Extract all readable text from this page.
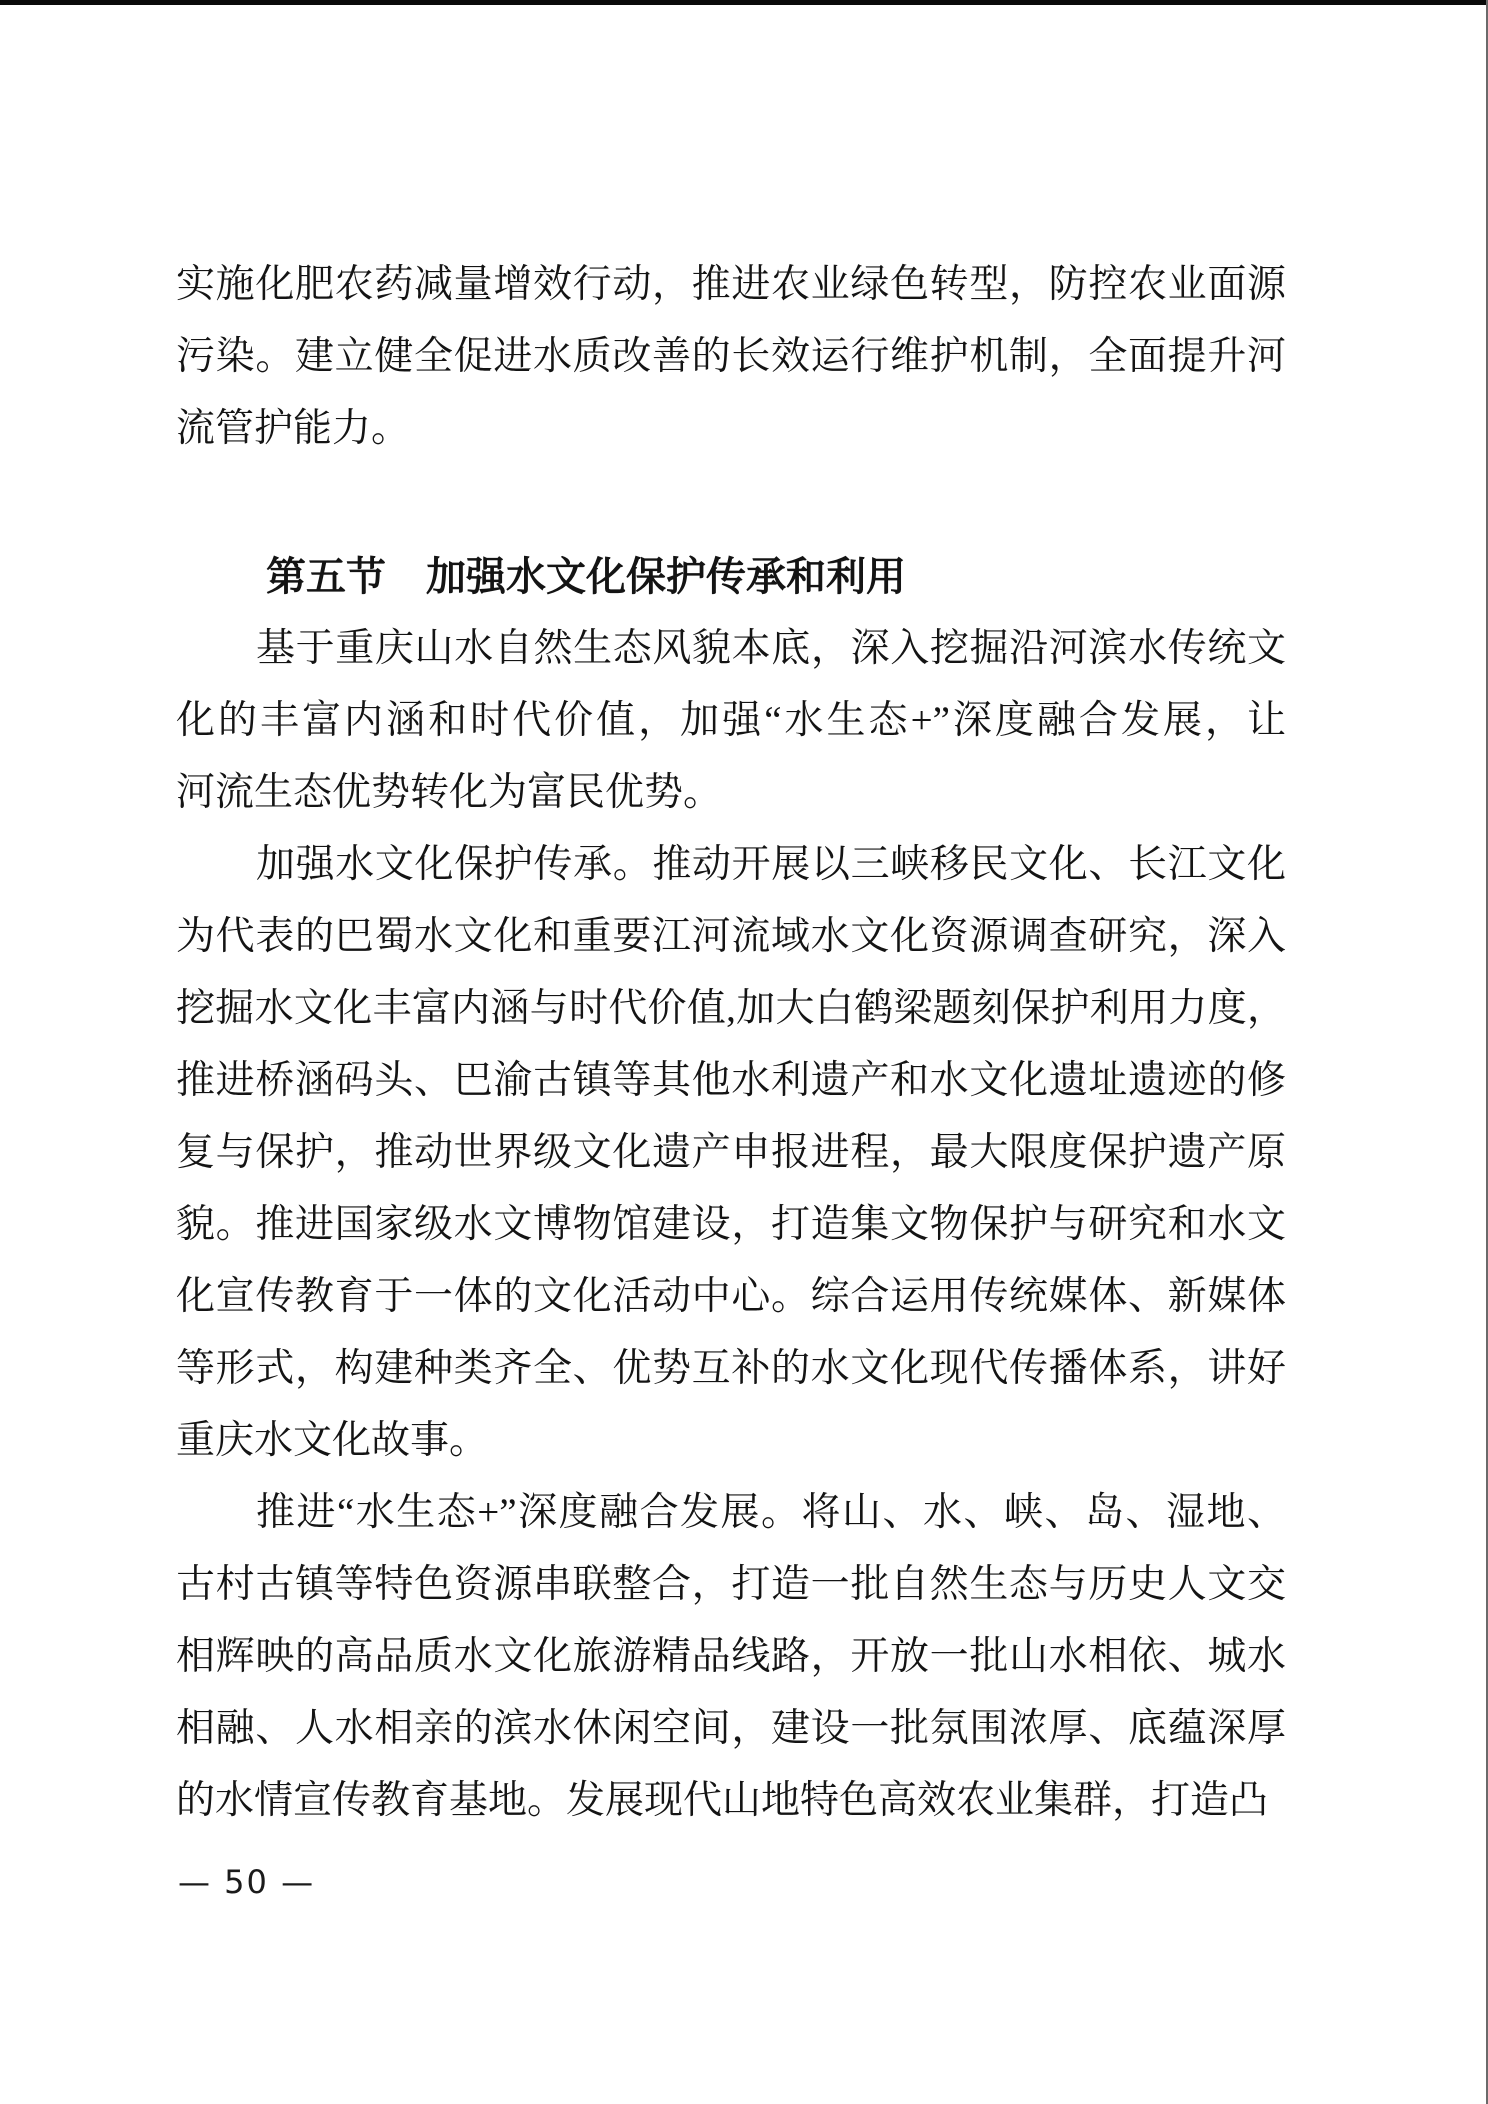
实施化肥农药减量增效行动，推进农业绿色转型，防控农业面源
污染。建立健全促进水质改善的长效运行维护机制，全面提升河
流管护能力。
第五节　加强水文化保护传承和利用
基于重庆山水自然生态风貌本底，深入挖掘沿河滨水传统文
化的丰富内涵和时代价值，加强“水生态+”深度融合发展，让
河流生态优势转化为富民优势。
加强水文化保护传承。推动开展以三峡移民文化、长江文化
为代表的巴蜀水文化和重要江河流域水文化资源调查研究，深入
挖掘水文化丰富内涵与时代价值,加大白鹤梁题刻保护利用力度，
推进桥涵码头、巴渝古镇等其他水利遗产和水文化遗址遗迹的修
复与保护，推动世界级文化遗产申报进程，最大限度保护遗产原
貌。推进国家级水文博物馆建设，打造集文物保护与研究和水文
化宣传教育于一体的文化活动中心。综合运用传统媒体、新媒体
等形式，构建种类齐全、优势互补的水文化现代传播体系，讲好
重庆水文化故事。
推进“水生态+”深度融合发展。将山、水、峡、岛、湿地、
古村古镇等特色资源串联整合，打造一批自然生态与历史人文交
相辉映的高品质水文化旅游精品线路，开放一批山水相依、城水
相融、人水相亲的滨水休闲空间，建设一批氛围浓厚、底蕴深厚
的水情宣传教育基地。发展现代山地特色高效农业集群，打造凸
— 50 —
